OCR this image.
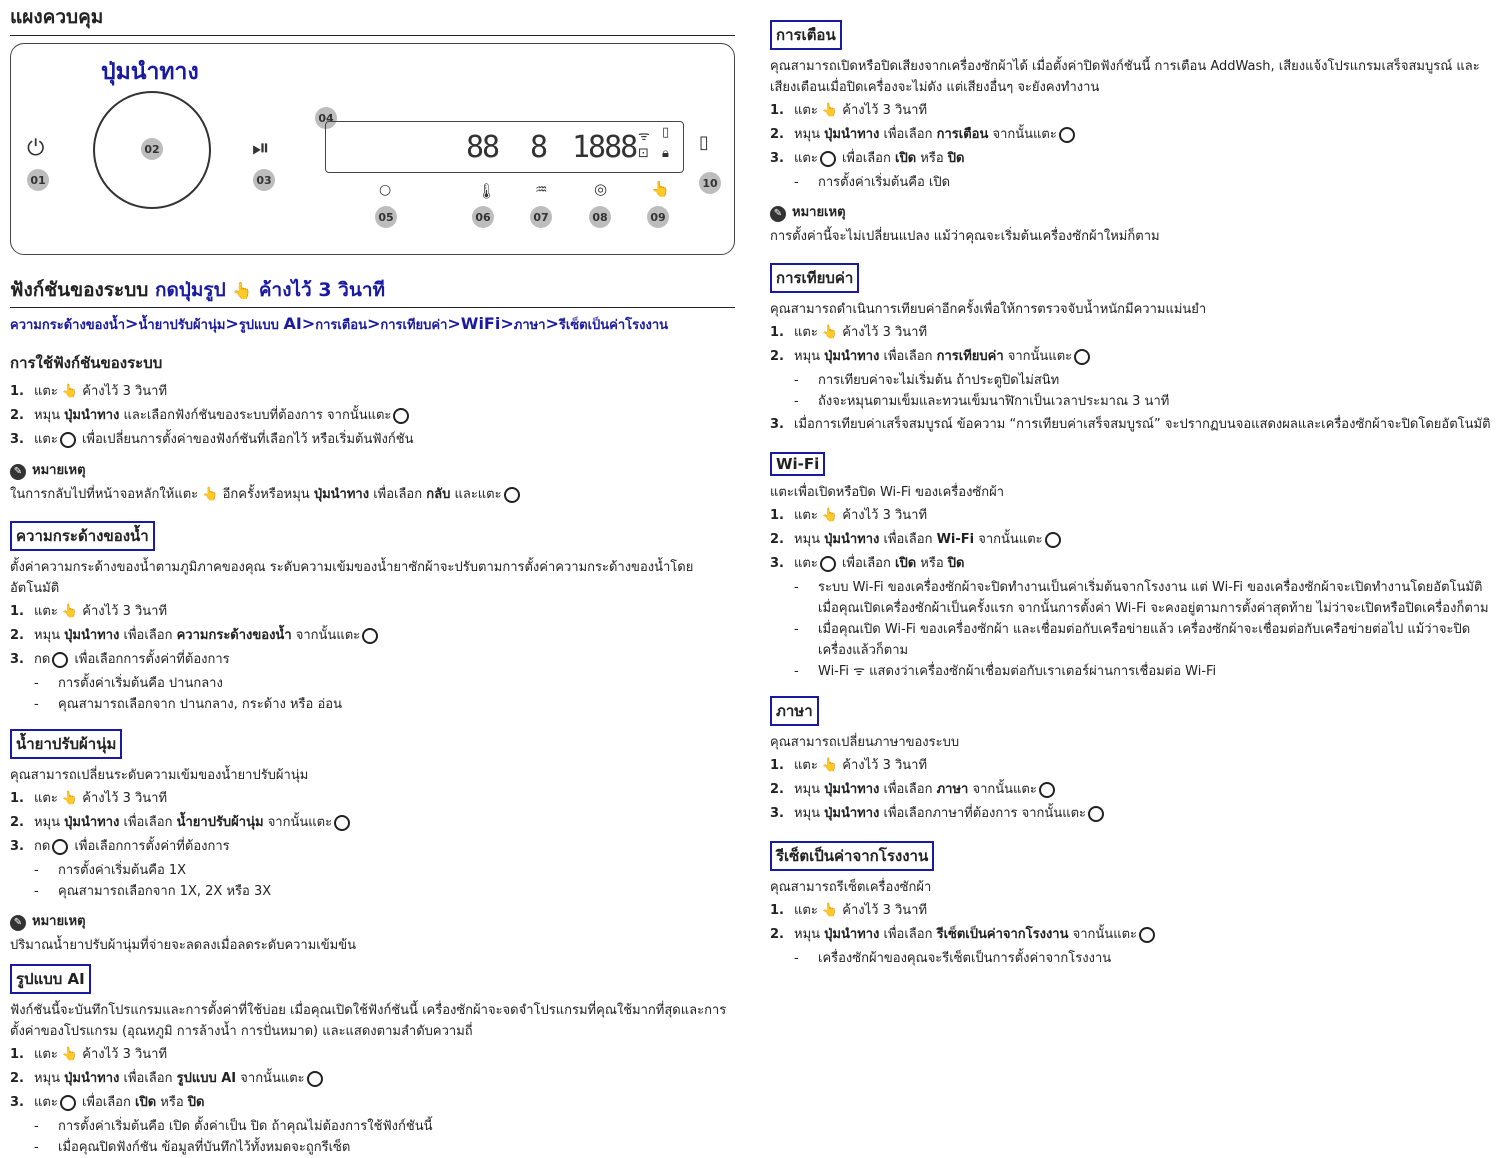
แผงควบคุม
ปุ่มนำทาง
⏻
01
02	⏯
03
04
88 8 1888 ᯤ ▯
⊡ 🔒︎
▯
10
○
05
🌡︎
06
♒
07
◎
08
👆
09
ฟังก์ชันของระบบ กดปุ่มรูป 👆 ค้างไว้ 3 วินาที
ความกระด้างของน้ำ>น้ำยาปรับผ้านุ่ม>รูปแบบ AI>การเตือน>การเทียบค่า>WiFi>ภาษา>รีเซ็ตเป็นค่าโรงงาน
การใช้ฟังก์ชันของระบบ
1. แตะ 👆 ค้างไว้ 3 วินาที
2. หมุน ปุ่มนำทาง และเลือกฟังก์ชันของระบบที่ต้องการ จากนั้นแตะ
3. แตะ เพื่อเปลี่ยนการตั้งค่าของฟังก์ชันที่เลือกไว้ หรือเริ่มต้นฟังก์ชัน
✎ หมายเหตุ
ในการกลับไปที่หน้าจอหลักให้แตะ 👆 อีกครั้งหรือหมุน ปุ่มนำทาง เพื่อเลือก กลับ และแตะ
ความกระด้างของน้ำ
ตั้งค่าความกระด้างของน้ำตามภูมิภาคของคุณ ระดับความเข้มของน้ำยาซักผ้าจะปรับตามการตั้งค่าความกระด้างของน้ำโดยอัตโนมัติ
1. แตะ 👆 ค้างไว้ 3 วินาที
2. หมุน ปุ่มนำทาง เพื่อเลือก ความกระด้างของน้ำ จากนั้นแตะ
3. กด เพื่อเลือกการตั้งค่าที่ต้องการ
-	การตั้งค่าเริ่มต้นคือ ปานกลาง
-	คุณสามารถเลือกจาก ปานกลาง, กระด้าง หรือ อ่อน
น้ำยาปรับผ้านุ่ม
คุณสามารถเปลี่ยนระดับความเข้มของน้ำยาปรับผ้านุ่ม
1. แตะ 👆 ค้างไว้ 3 วินาที
2. หมุน ปุ่มนำทาง เพื่อเลือก น้ำยาปรับผ้านุ่ม จากนั้นแตะ
3. กด เพื่อเลือกการตั้งค่าที่ต้องการ
-	การตั้งค่าเริ่มต้นคือ 1X
-	คุณสามารถเลือกจาก 1X, 2X หรือ 3X
✎ หมายเหตุ
ปริมาณน้ำยาปรับผ้านุ่มที่จ่ายจะลดลงเมื่อลดระดับความเข้มข้น
รูปแบบ AI
ฟังก์ชันนี้จะบันทึกโปรแกรมและการตั้งค่าที่ใช้บ่อย เมื่อคุณเปิดใช้ฟังก์ชันนี้ เครื่องซักผ้าจะจดจำโปรแกรมที่คุณใช้มากที่สุดและการตั้งค่าของโปรแกรม (อุณหภูมิ การล้างน้ำ การปั่นหมาด) และแสดงตามลำดับความถี่
1. แตะ 👆 ค้างไว้ 3 วินาที
2. หมุน ปุ่มนำทาง เพื่อเลือก รูปแบบ AI จากนั้นแตะ
3. แตะ เพื่อเลือก เปิด หรือ ปิด
-	การตั้งค่าเริ่มต้นคือ เปิด ตั้งค่าเป็น ปิด ถ้าคุณไม่ต้องการใช้ฟังก์ชันนี้
-	เมื่อคุณปิดฟังก์ชัน ข้อมูลที่บันทึกไว้ทั้งหมดจะถูกรีเซ็ต
การเตือน
คุณสามารถเปิดหรือปิดเสียงจากเครื่องซักผ้าได้ เมื่อตั้งค่าปิดฟังก์ชันนี้ การเตือน AddWash, เสียงแจ้งโปรแกรมเสร็จสมบูรณ์ และเสียงเตือนเมื่อปิดเครื่องจะไม่ดัง แต่เสียงอื่นๆ จะยังคงทำงาน
1. แตะ 👆 ค้างไว้ 3 วินาที
2. หมุน ปุ่มนำทาง เพื่อเลือก การเตือน จากนั้นแตะ
3. แตะ เพื่อเลือก เปิด หรือ ปิด
-	การตั้งค่าเริ่มต้นคือ เปิด
✎ หมายเหตุ
การตั้งค่านี้จะไม่เปลี่ยนแปลง แม้ว่าคุณจะเริ่มต้นเครื่องซักผ้าใหม่ก็ตาม
การเทียบค่า
คุณสามารถดำเนินการเทียบค่าอีกครั้งเพื่อให้การตรวจจับน้ำหนักมีความแม่นยำ
1. แตะ 👆 ค้างไว้ 3 วินาที
2. หมุน ปุ่มนำทาง เพื่อเลือก การเทียบค่า จากนั้นแตะ
-	การเทียบค่าจะไม่เริ่มต้น ถ้าประตูปิดไม่สนิท
-	ถังจะหมุนตามเข็มและทวนเข็มนาฬิกาเป็นเวลาประมาณ 3 นาที
3. เมื่อการเทียบค่าเสร็จสมบูรณ์ ข้อความ “การเทียบค่าเสร็จสมบูรณ์” จะปรากฏบนจอแสดงผลและเครื่องซักผ้าจะปิดโดยอัตโนมัติ
Wi-Fi
แตะเพื่อเปิดหรือปิด Wi-Fi ของเครื่องซักผ้า
1. แตะ 👆 ค้างไว้ 3 วินาที
2. หมุน ปุ่มนำทาง เพื่อเลือก Wi-Fi จากนั้นแตะ
3. แตะ เพื่อเลือก เปิด หรือ ปิด
-	ระบบ Wi-Fi ของเครื่องซักผ้าจะปิดทำงานเป็นค่าเริ่มต้นจากโรงงาน แต่ Wi-Fi ของเครื่องซักผ้าจะเปิดทำงานโดยอัตโนมัติเมื่อคุณเปิดเครื่องซักผ้าเป็นครั้งแรก จากนั้นการตั้งค่า Wi-Fi จะคงอยู่ตามการตั้งค่าสุดท้าย ไม่ว่าจะเปิดหรือปิดเครื่องก็ตาม
-	เมื่อคุณเปิด Wi-Fi ของเครื่องซักผ้า และเชื่อมต่อกับเครือข่ายแล้ว เครื่องซักผ้าจะเชื่อมต่อกับเครือข่ายต่อไป แม้ว่าจะปิดเครื่องแล้วก็ตาม
-	Wi-Fi ᯤ แสดงว่าเครื่องซักผ้าเชื่อมต่อกับเราเตอร์ผ่านการเชื่อมต่อ Wi-Fi
ภาษา
คุณสามารถเปลี่ยนภาษาของระบบ
1. แตะ 👆 ค้างไว้ 3 วินาที
2. หมุน ปุ่มนำทาง เพื่อเลือก ภาษา จากนั้นแตะ
3. หมุน ปุ่มนำทาง เพื่อเลือกภาษาที่ต้องการ จากนั้นแตะ
รีเซ็ตเป็นค่าจากโรงงาน
คุณสามารถรีเซ็ตเครื่องซักผ้า
1. แตะ 👆 ค้างไว้ 3 วินาที
2. หมุน ปุ่มนำทาง เพื่อเลือก รีเซ็ตเป็นค่าจากโรงงาน จากนั้นแตะ
-	เครื่องซักผ้าของคุณจะรีเซ็ตเป็นการตั้งค่าจากโรงงาน
